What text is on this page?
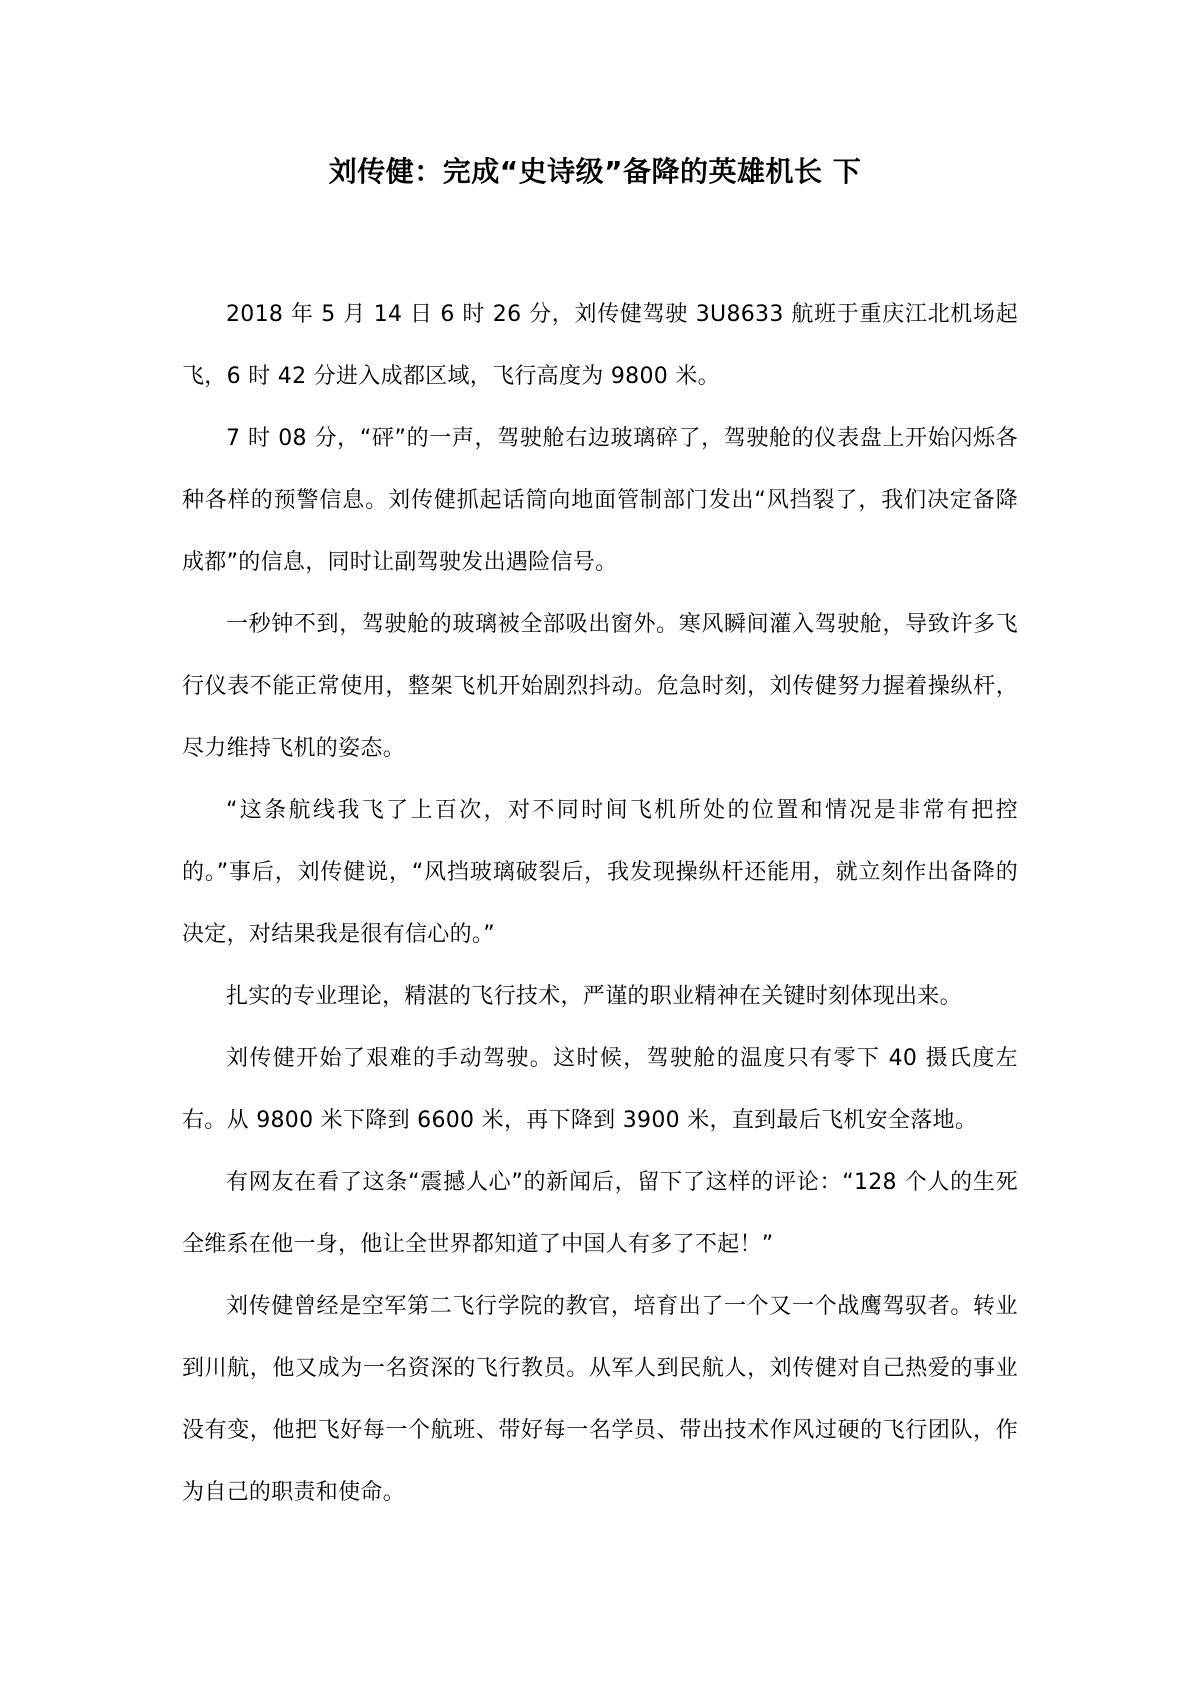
刘传健：完成“史诗级”备降的英雄机长 下

2018 年 5 月 14 日 6 时 26 分，刘传健驾驶 3U8633 航班于重庆江北机场起飞，6 时 42 分进入成都区域，飞行高度为 9800 米。

7 时 08 分，“砰”的一声，驾驶舱右边玻璃碎了，驾驶舱的仪表盘上开始闪烁各种各样的预警信息。刘传健抓起话筒向地面管制部门发出“风挡裂了，我们决定备降成都”的信息，同时让副驾驶发出遇险信号。

一秒钟不到，驾驶舱的玻璃被全部吸出窗外。寒风瞬间灌入驾驶舱，导致许多飞行仪表不能正常使用，整架飞机开始剧烈抖动。危急时刻，刘传健努力握着操纵杆，尽力维持飞机的姿态。

“这条航线我飞了上百次，对不同时间飞机所处的位置和情况是非常有把控的。”事后，刘传健说，“风挡玻璃破裂后，我发现操纵杆还能用，就立刻作出备降的决定，对结果我是很有信心的。”

扎实的专业理论，精湛的飞行技术，严谨的职业精神在关键时刻体现出来。

刘传健开始了艰难的手动驾驶。这时候，驾驶舱的温度只有零下 40 摄氏度左右。从 9800 米下降到 6600 米，再下降到 3900 米，直到最后飞机安全落地。

有网友在看了这条“震撼人心”的新闻后，留下了这样的评论：“128 个人的生死全维系在他一身，他让全世界都知道了中国人有多了不起！”

刘传健曾经是空军第二飞行学院的教官，培育出了一个又一个战鹰驾驭者。转业到川航，他又成为一名资深的飞行教员。从军人到民航人，刘传健对自己热爱的事业没有变，他把飞好每一个航班、带好每一名学员、带出技术作风过硬的飞行团队，作为自己的职责和使命。
